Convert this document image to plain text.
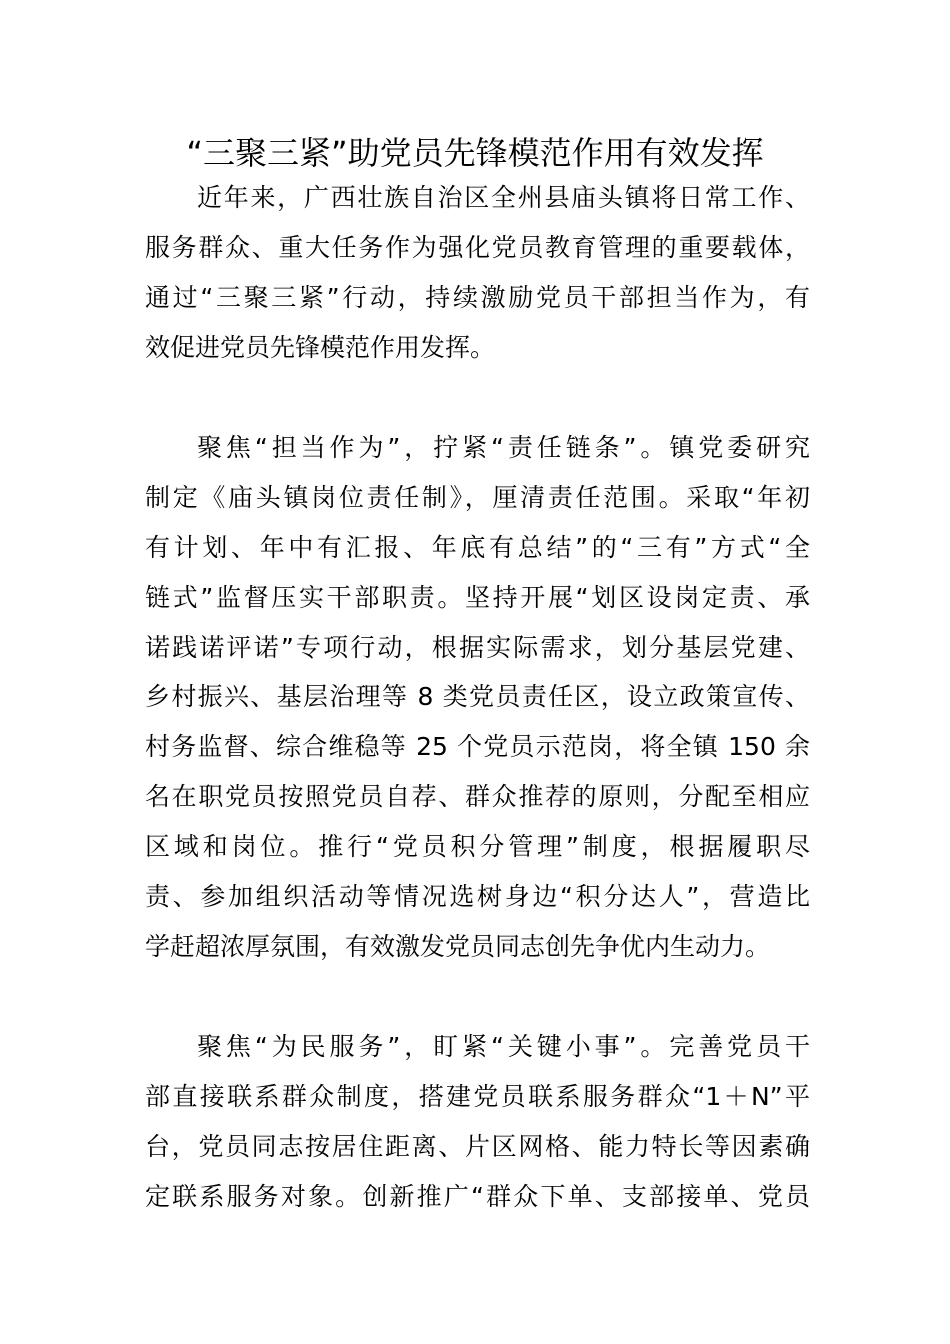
“三聚三紧”助党员先锋模范作用有效发挥
近年来，广西壮族自治区全州县庙头镇将日常工作、
服务群众、重大任务作为强化党员教育管理的重要载体，
通过“三聚三紧”行动，持续激励党员干部担当作为，有
效促进党员先锋模范作用发挥。
聚焦“担当作为”，拧紧“责任链条”。镇党委研究
制定《庙头镇岗位责任制》，厘清责任范围。采取“年初
有计划、年中有汇报、年底有总结”的“三有”方式“全
链式”监督压实干部职责。坚持开展“划区设岗定责、承
诺践诺评诺”专项行动，根据实际需求，划分基层党建、
乡村振兴、基层治理等 8 类党员责任区，设立政策宣传、
村务监督、综合维稳等 25 个党员示范岗，将全镇 150 余
名在职党员按照党员自荐、群众推荐的原则，分配至相应
区域和岗位。推行“党员积分管理”制度，根据履职尽
责、参加组织活动等情况选树身边“积分达人”，营造比
学赶超浓厚氛围，有效激发党员同志创先争优内生动力。
聚焦“为民服务”，盯紧“关键小事”。完善党员干
部直接联系群众制度，搭建党员联系服务群众“1＋N”平
台，党员同志按居住距离、片区网格、能力特长等因素确
定联系服务对象。创新推广“群众下单、支部接单、党员
